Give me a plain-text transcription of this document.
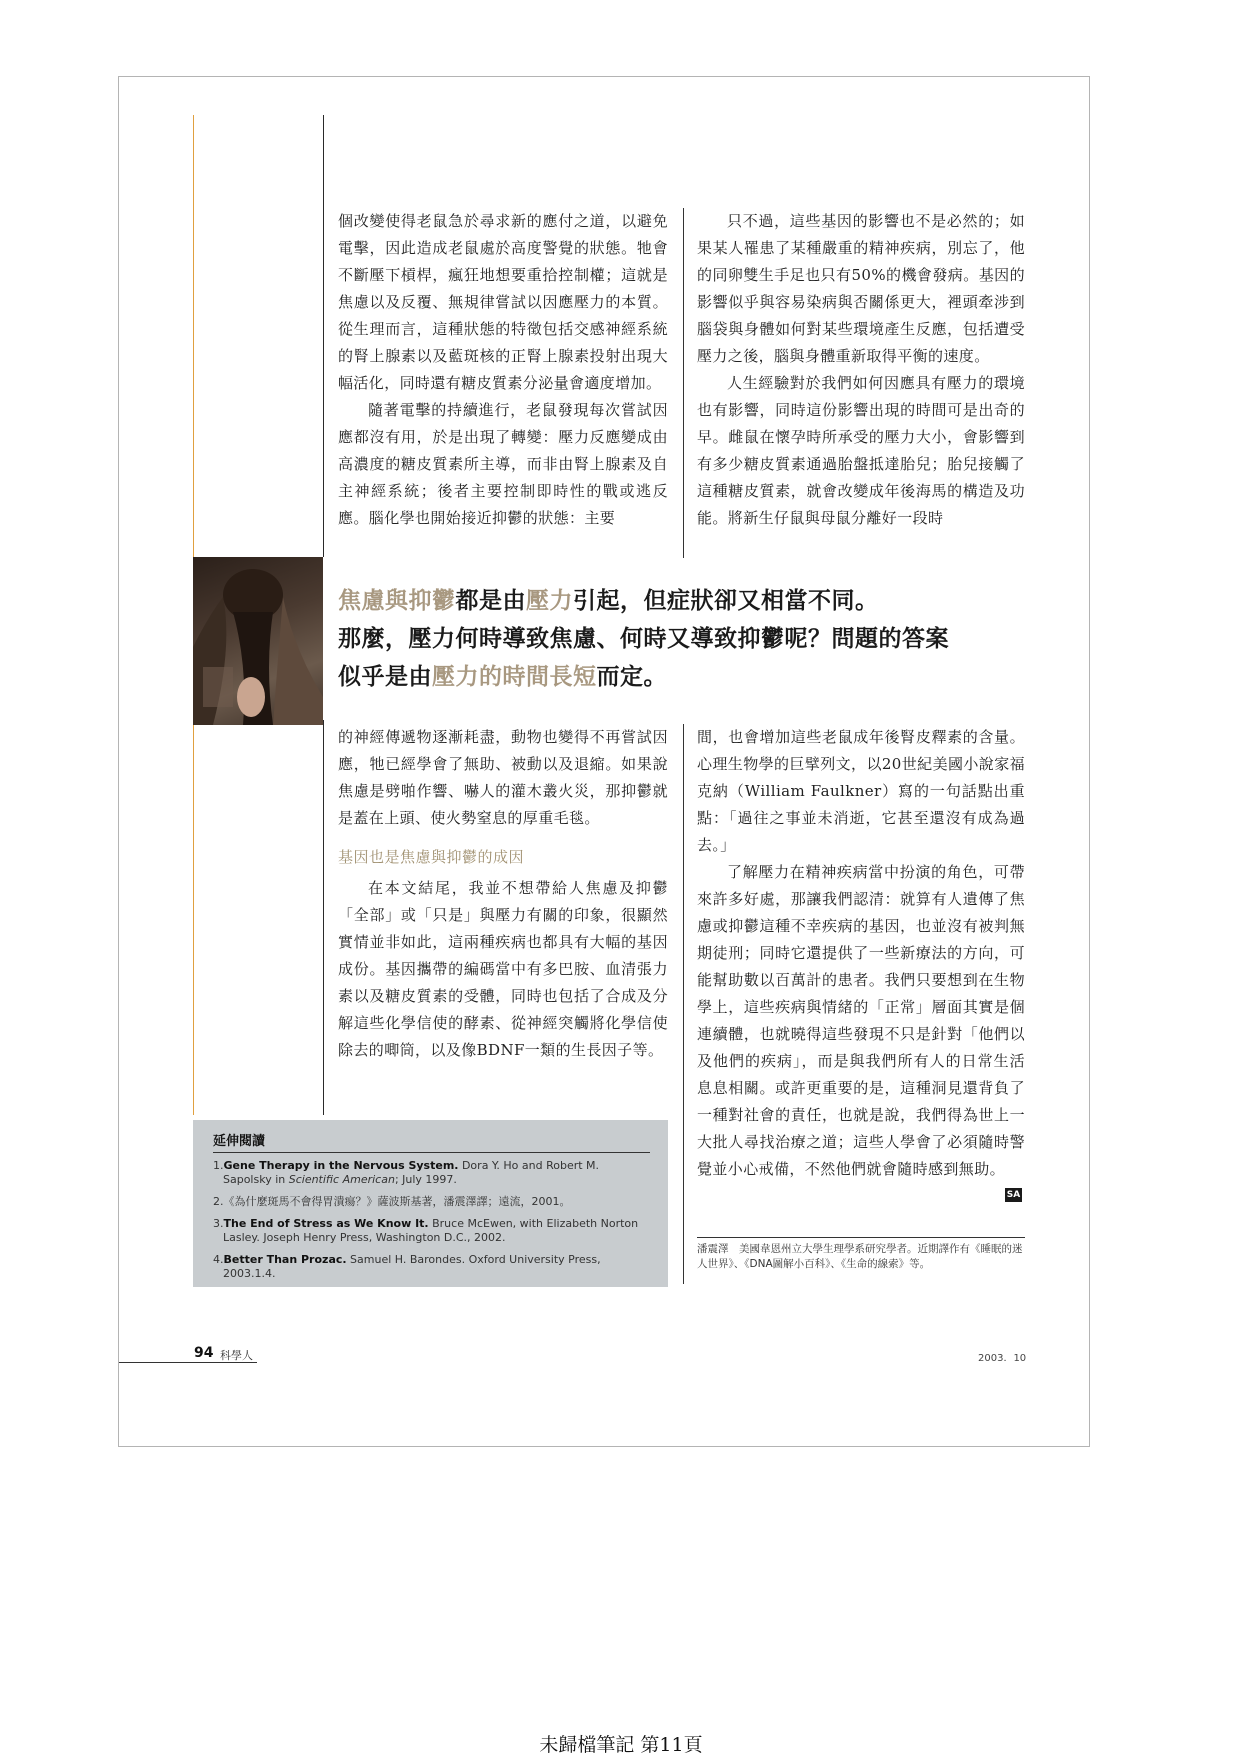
個改變使得老鼠急於尋求新的應付之道，以避免電擊，因此造成老鼠處於高度警覺的狀態。牠會不斷壓下槓桿，瘋狂地想要重拾控制權；這就是焦慮以及反覆、無規律嘗試以因應壓力的本質。從生理而言，這種狀態的特徵包括交感神經系統的腎上腺素以及藍斑核的正腎上腺素投射出現大幅活化，同時還有糖皮質素分泌量會適度增加。

隨著電擊的持續進行，老鼠發現每次嘗試因應都沒有用，於是出現了轉變：壓力反應變成由高濃度的糖皮質素所主導，而非由腎上腺素及自主神經系統；後者主要控制即時性的戰或逃反應。腦化學也開始接近抑鬱的狀態：主要

只不過，這些基因的影響也不是必然的；如果某人罹患了某種嚴重的精神疾病，別忘了，他的同卵雙生手足也只有50%的機會發病。基因的影響似乎與容易染病與否關係更大，裡頭牽涉到腦袋與身體如何對某些環境產生反應，包括遭受壓力之後，腦與身體重新取得平衡的速度。

人生經驗對於我們如何因應具有壓力的環境也有影響，同時這份影響出現的時間可是出奇的早。雌鼠在懷孕時所承受的壓力大小，會影響到有多少糖皮質素通過胎盤抵達胎兒；胎兒接觸了這種糖皮質素，就會改變成年後海馬的構造及功能。將新生仔鼠與母鼠分離好一段時

焦慮與抑鬱都是由壓力引起，但症狀卻又相當不同。
那麼，壓力何時導致焦慮、何時又導致抑鬱呢？問題的答案
似乎是由壓力的時間長短而定。

的神經傳遞物逐漸耗盡，動物也變得不再嘗試因應，牠已經學會了無助、被動以及退縮。如果說焦慮是劈啪作響、嚇人的灌木叢火災，那抑鬱就是蓋在上頭、使火勢窒息的厚重毛毯。

基因也是焦慮與抑鬱的成因

在本文結尾，我並不想帶給人焦慮及抑鬱「全部」或「只是」與壓力有關的印象，很顯然實情並非如此，這兩種疾病也都具有大幅的基因成份。基因攜帶的編碼當中有多巴胺、血清張力素以及糖皮質素的受體，同時也包括了合成及分解這些化學信使的酵素、從神經突觸將化學信使除去的唧筒，以及像BDNF一類的生長因子等。

間，也會增加這些老鼠成年後腎皮釋素的含量。心理生物學的巨擘列文，以20世紀美國小說家福克納（William Faulkner）寫的一句話點出重點：「過往之事並未消逝，它甚至還沒有成為過去。」

了解壓力在精神疾病當中扮演的角色，可帶來許多好處，那讓我們認清：就算有人遺傳了焦慮或抑鬱這種不幸疾病的基因，也並沒有被判無期徒刑；同時它還提供了一些新療法的方向，可能幫助數以百萬計的患者。我們只要想到在生物學上，這些疾病與情緒的「正常」層面其實是個連續體，也就曉得這些發現不只是針對「他們以及他們的疾病」，而是與我們所有人的日常生活息息相關。或許更重要的是，這種洞見還背負了一種對社會的責任，也就是說，我們得為世上一大批人尋找治療之道；這些人學會了必須隨時警覺並小心戒備，不然他們就會隨時感到無助。

SA
延伸閱讀
1.Gene Therapy in the Nervous System. Dora Y. Ho and Robert M. Sapolsky in Scientific American; July 1997.
2.《為什麼斑馬不會得胃潰瘍？》薩波斯基著，潘震澤譯；遠流，2001。
3.The End of Stress as We Know It. Bruce McEwen, with Elizabeth Norton Lasley. Joseph Henry Press, Washington D.C., 2002.
4.Better Than Prozac. Samuel H. Barondes. Oxford University Press, 2003.1.4.
潘震澤　美國韋恩州立大學生理學系研究學者。近期譯作有《睡眠的迷人世界》、《DNA圖解小百科》、《生命的線索》等。
94 科學人	2003．10
未歸檔筆記 第11頁
